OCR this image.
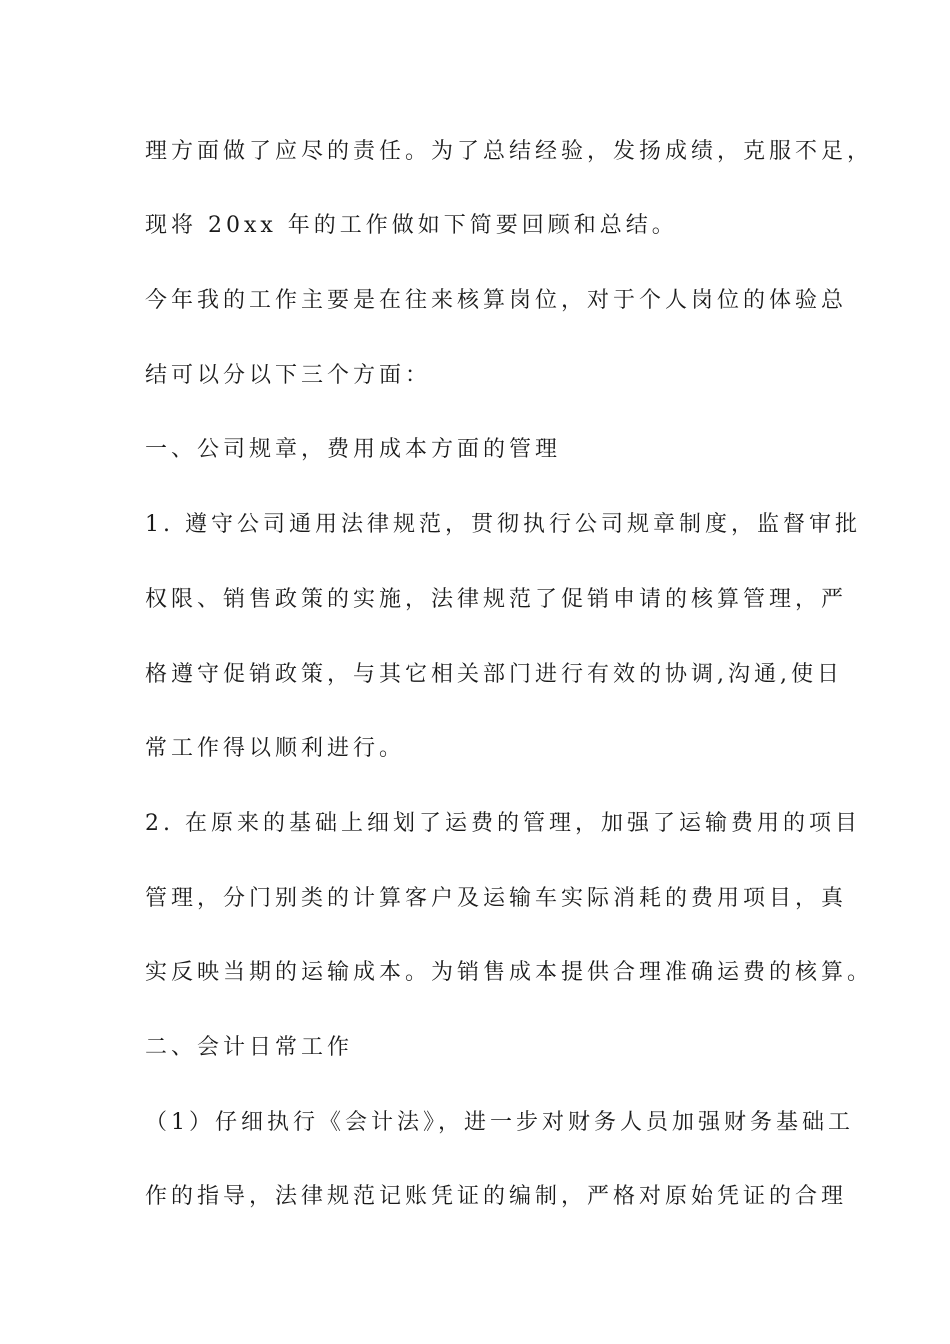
理方面做了应尽的责任。为了总结经验，发扬成绩，克服不足，
现将 20xx 年的工作做如下简要回顾和总结。
今年我的工作主要是在往来核算岗位，对于个人岗位的体验总
结可以分以下三个方面：
一、公司规章，费用成本方面的管理
1. 遵守公司通用法律规范，贯彻执行公司规章制度，监督审批
权限、销售政策的实施，法律规范了促销申请的核算管理，严
格遵守促销政策，与其它相关部门进行有效的协调,沟通,使日
常工作得以顺利进行。
2. 在原来的基础上细划了运费的管理，加强了运输费用的项目
管理，分门别类的计算客户及运输车实际消耗的费用项目，真
实反映当期的运输成本。为销售成本提供合理准确运费的核算。
二、会计日常工作
（1）仔细执行《会计法》，进一步对财务人员加强财务基础工
作的指导，法律规范记账凭证的编制，严格对原始凭证的合理
